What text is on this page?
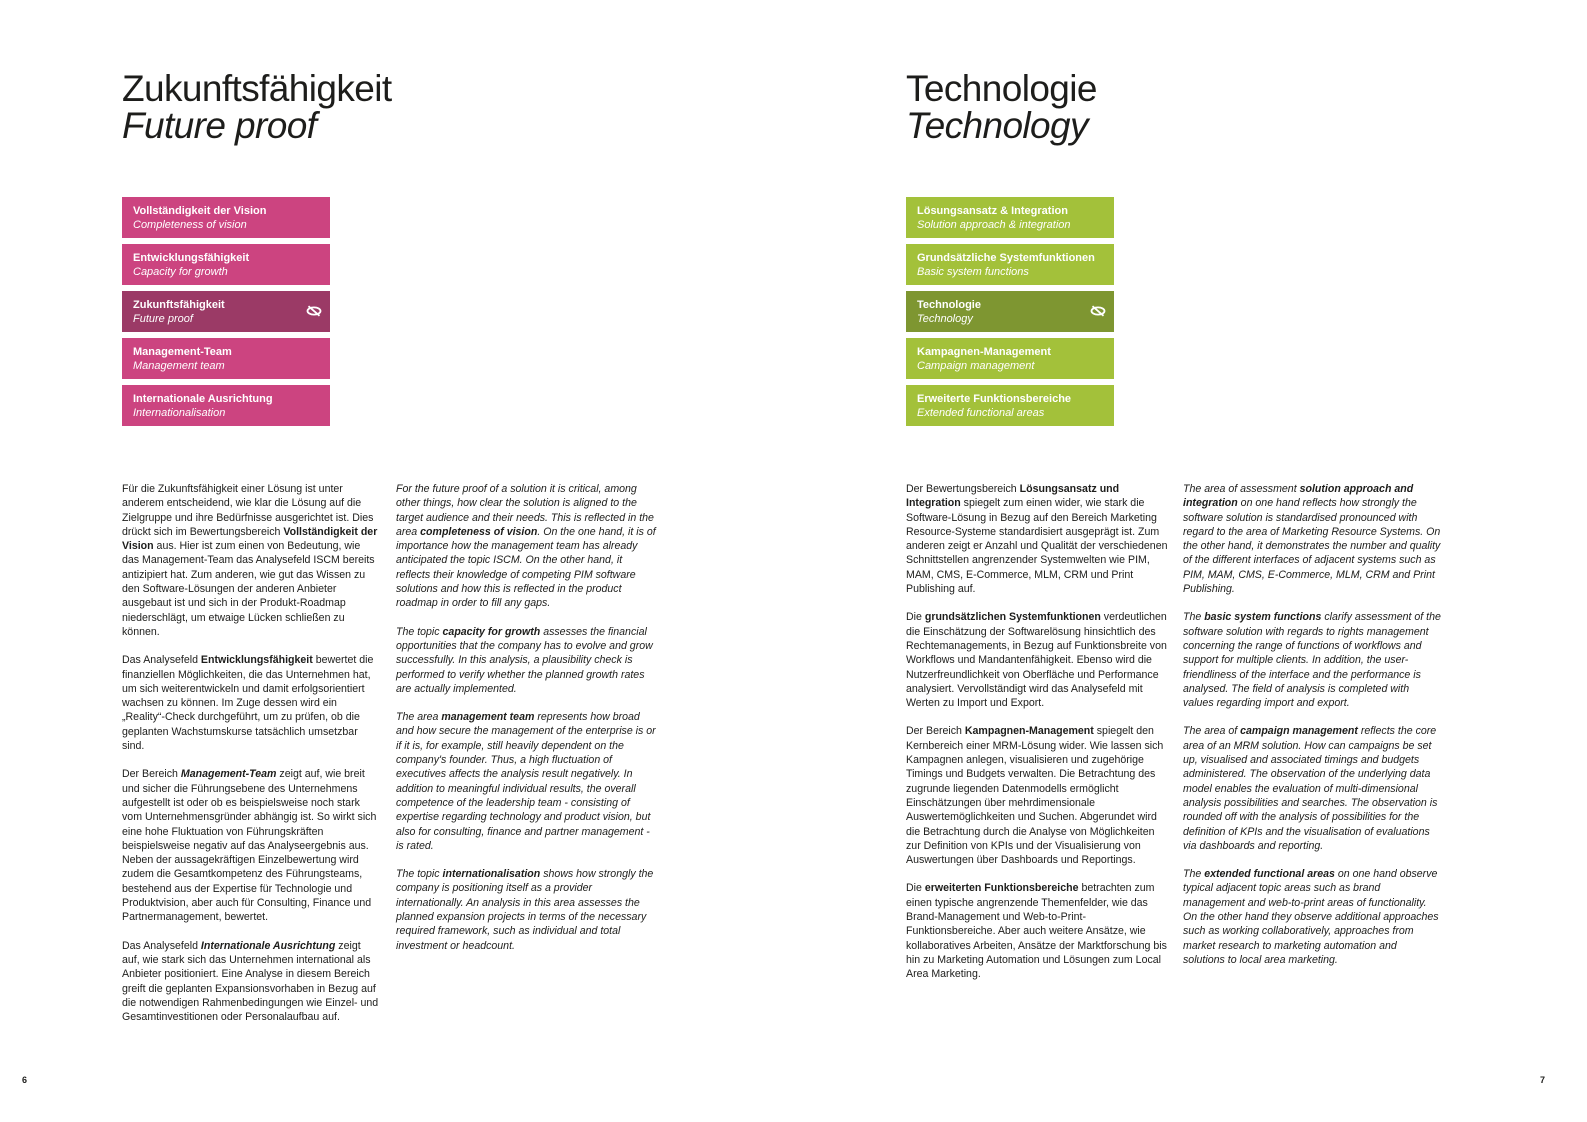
Zukunftsfähigkeit
Future proof
Vollständigkeit der Vision
Completeness of vision
Entwicklungsfähigkeit
Capacity for growth
Zukunftsfähigkeit
Future proof
Management-Team
Management team
Internationale Ausrichtung
Internationalisation

Für die Zukunftsfähigkeit einer Lösung ist unter anderem entscheidend, wie klar die Lösung auf die Zielgruppe und ihre Bedürfnisse ausgerichtet ist. Dies drückt sich im Bewertungsbereich Vollständigkeit der Vision aus. Hier ist zum einen von Bedeutung, wie das Management-Team das Analysefeld ISCM bereits antizipiert hat. Zum anderen, wie gut das Wissen zu den Software-Lösungen der anderen Anbieter ausgebaut ist und sich in der Produkt-Roadmap niederschlägt, um etwaige Lücken schließen zu können.

Das Analysefeld Entwicklungsfähigkeit bewertet die finanziellen Möglichkeiten, die das Unternehmen hat, um sich weiterentwickeln und damit erfolgsorientiert wachsen zu können. Im Zuge dessen wird ein „Reality“-Check durchgeführt, um zu prüfen, ob die geplanten Wachstumskurse tatsächlich umsetzbar sind.

Der Bereich Management-Team zeigt auf, wie breit und sicher die Führungsebene des Unternehmens aufgestellt ist oder ob es beispielsweise noch stark vom Unternehmensgründer abhängig ist. So wirkt sich eine hohe Fluktuation von Führungskräften beispielsweise negativ auf das Analyseergebnis aus. Neben der aussagekräftigen Einzelbewertung wird zudem die Gesamtkompetenz des Führungsteams, bestehend aus der Expertise für Technologie und Produktvision, aber auch für Consulting, Finance und Partnermanagement, bewertet.

Das Analysefeld Internationale Ausrichtung zeigt auf, wie stark sich das Unternehmen international als Anbieter positioniert. Eine Analyse in diesem Bereich greift die geplanten Expansionsvorhaben in Bezug auf die notwendigen Rahmenbedingungen wie Einzel- und Gesamtinvestitionen oder Personalaufbau auf.

For the future proof of a solution it is critical, among other things, how clear the solution is aligned to the target audience and their needs. This is reflected in the area completeness of vision. On the one hand, it is of importance how the management team has already anticipated the topic ISCM. On the other hand, it reflects their knowledge of competing PIM software solutions and how this is reflected in the product roadmap in order to fill any gaps.

The topic capacity for growth assesses the financial opportunities that the company has to evolve and grow successfully. In this analysis, a plausibility check is performed to verify whether the planned growth rates are actually implemented.

The area management team represents how broad and how secure the management of the enterprise is or if it is, for example, still heavily dependent on the company's founder. Thus, a high fluctuation of executives affects the analysis result negatively. In addition to meaningful individual results, the overall competence of the leadership team - consisting of expertise regarding technology and product vision, but also for consulting, finance and partner management - is rated.

The topic internationalisation shows how strongly the company is positioning itself as a provider internationally. An analysis in this area assesses the planned expansion projects in terms of the necessary required framework, such as individual and total investment or headcount.

6
Technologie
Technology
Lösungsansatz & Integration
Solution approach & integration
Grundsätzliche Systemfunktionen
Basic system functions
Technologie
Technology
Kampagnen-Management
Campaign management
Erweiterte Funktionsbereiche
Extended functional areas

Der Bewertungsbereich Lösungsansatz und Integration spiegelt zum einen wider, wie stark die Software-Lösung in Bezug auf den Bereich Marketing Resource-Systeme standardisiert ausgeprägt ist. Zum anderen zeigt er Anzahl und Qualität der verschiedenen Schnittstellen angrenzender Systemwelten wie PIM, MAM, CMS, E-Commerce, MLM, CRM und Print Publishing auf.

Die grundsätzlichen Systemfunktionen verdeutlichen die Einschätzung der Softwarelösung hinsichtlich des Rechtemanagements, in Bezug auf Funktionsbreite von Workflows und Mandantenfähigkeit. Ebenso wird die Nutzerfreundlichkeit von Oberfläche und Performance analysiert. Vervollständigt wird das Analysefeld mit Werten zu Import und Export.

Der Bereich Kampagnen-Management spiegelt den Kernbereich einer MRM-Lösung wider. Wie lassen sich Kampagnen anlegen, visualisieren und zugehörige Timings und Budgets verwalten. Die Betrachtung des zugrunde liegenden Datenmodells ermöglicht Einschätzungen über mehrdimensionale Auswertemöglichkeiten und Suchen. Abgerundet wird die Betrachtung durch die Analyse von Möglichkeiten zur Definition von KPIs und der Visualisierung von Auswertungen über Dashboards und Reportings.

Die erweiterten Funktionsbereiche betrachten zum einen typische angrenzende Themenfelder, wie das Brand-Management und Web-to-Print-Funktionsbereiche. Aber auch weitere Ansätze, wie kollaboratives Arbeiten, Ansätze der Marktforschung bis hin zu Marketing Automation und Lösungen zum Local Area Marketing.

The area of assessment solution approach and integration on one hand reflects how strongly the software solution is standardised pronounced with regard to the area of Marketing Resource Systems. On the other hand, it demonstrates the number and quality of the different interfaces of adjacent systems such as PIM, MAM, CMS, E-Commerce, MLM, CRM and Print Publishing.

The basic system functions clarify assessment of the software solution with regards to rights management concerning the range of functions of workflows and support for multiple clients. In addition, the user-friendliness of the interface and the performance is analysed. The field of analysis is completed with values regarding import and export.

The area of campaign management reflects the core area of an MRM solution. How can campaigns be set up, visualised and associated timings and budgets administered. The observation of the underlying data model enables the evaluation of multi-dimensional analysis possibilities and searches. The observation is rounded off with the analysis of possibilities for the definition of KPIs and the visualisation of evaluations via dashboards and reporting.

The extended functional areas on one hand observe typical adjacent topic areas such as brand management and web-to-print areas of functionality. On the other hand they observe additional approaches such as working collaboratively, approaches from market research to marketing automation and solutions to local area marketing.

7
